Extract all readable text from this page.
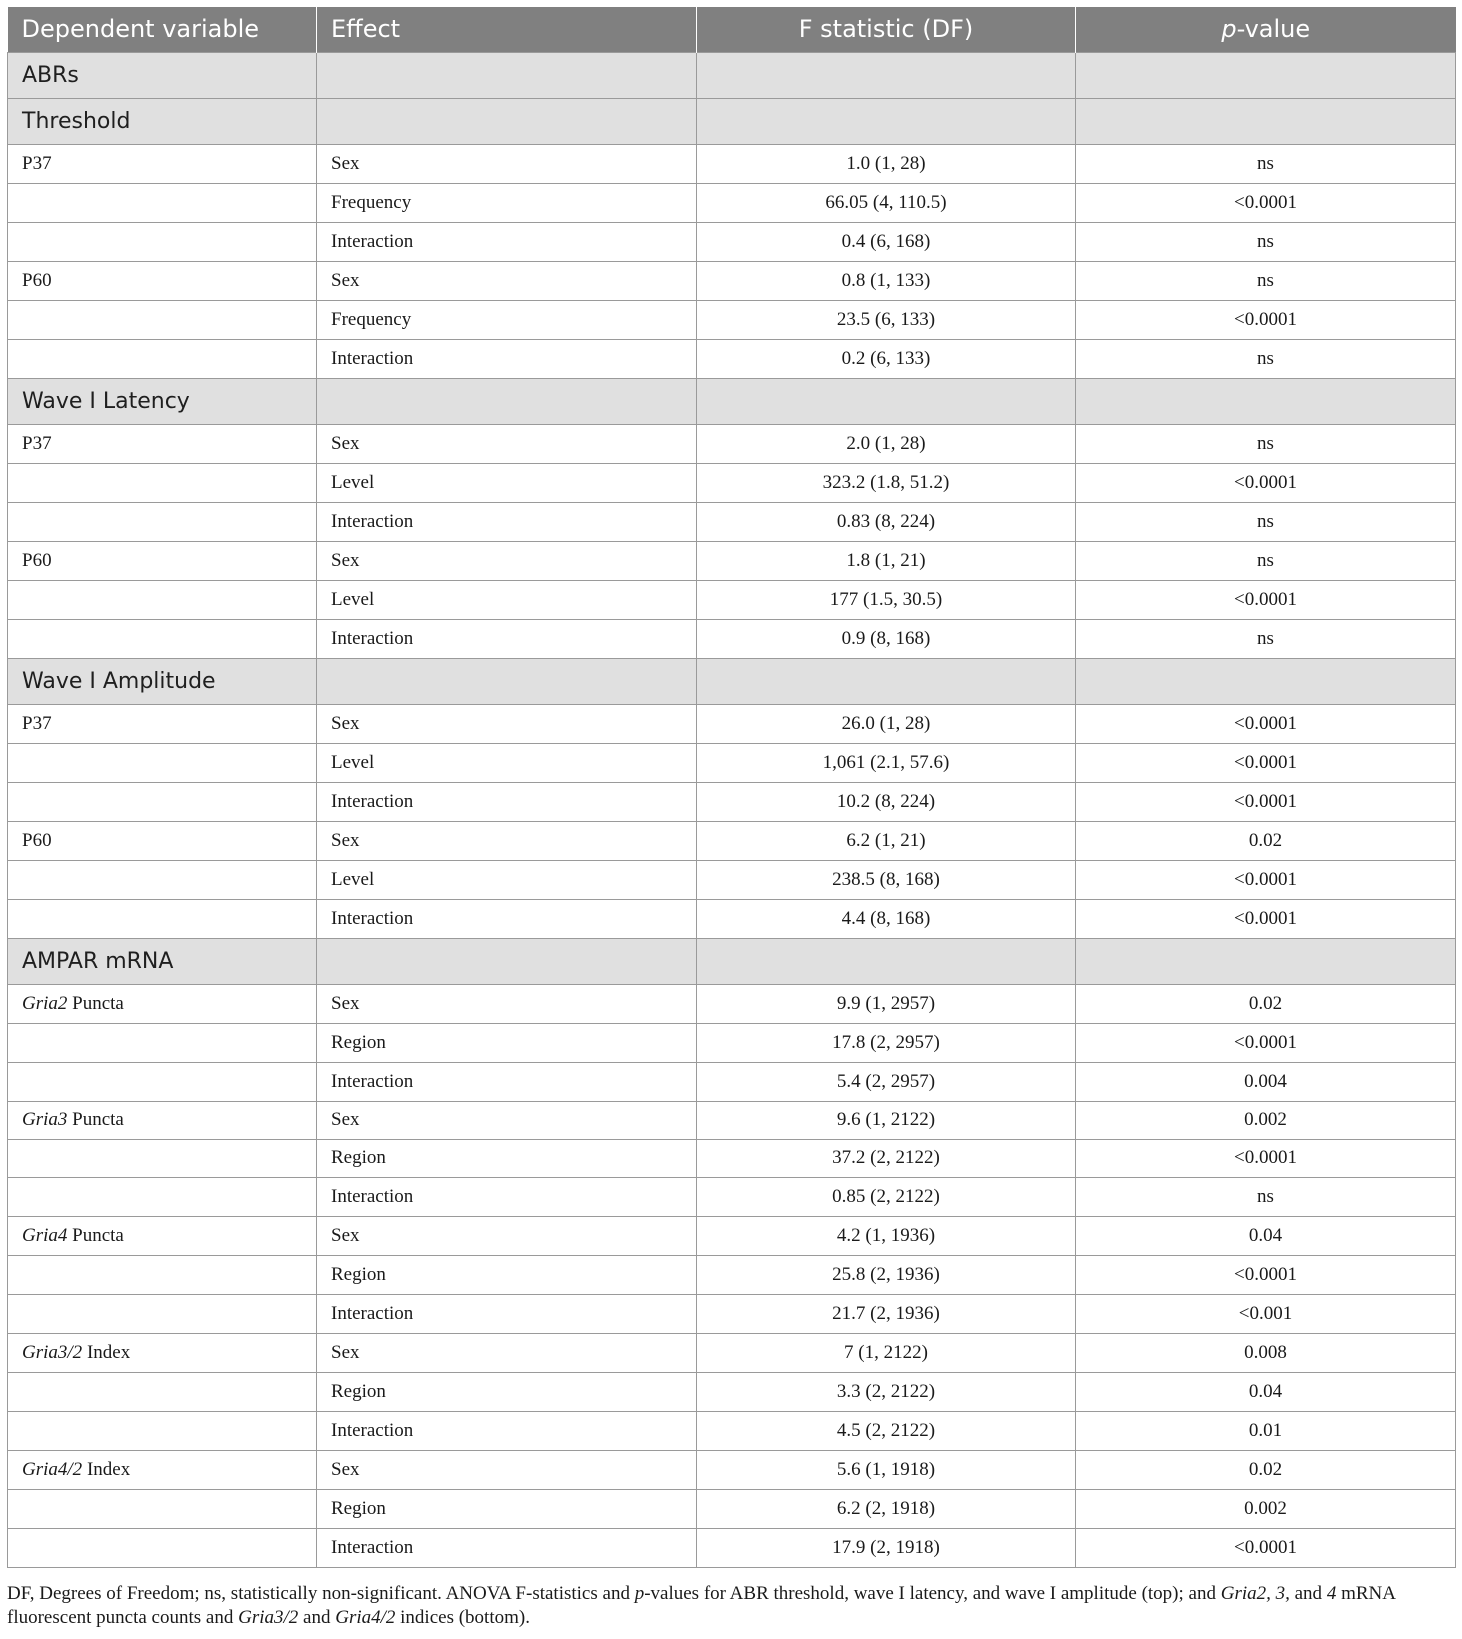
Dependent variable	Effect	F statistic (DF)	p-value
ABRs			
Threshold			
P37	Sex	1.0 (1, 28)	ns
	Frequency	66.05 (4, 110.5)	<0.0001
	Interaction	0.4 (6, 168)	ns
P60	Sex	0.8 (1, 133)	ns
	Frequency	23.5 (6, 133)	<0.0001
	Interaction	0.2 (6, 133)	ns
Wave I Latency			
P37	Sex	2.0 (1, 28)	ns
	Level	323.2 (1.8, 51.2)	<0.0001
	Interaction	0.83 (8, 224)	ns
P60	Sex	1.8 (1, 21)	ns
	Level	177 (1.5, 30.5)	<0.0001
	Interaction	0.9 (8, 168)	ns
Wave I Amplitude			
P37	Sex	26.0 (1, 28)	<0.0001
	Level	1,061 (2.1, 57.6)	<0.0001
	Interaction	10.2 (8, 224)	<0.0001
P60	Sex	6.2 (1, 21)	0.02
	Level	238.5 (8, 168)	<0.0001
	Interaction	4.4 (8, 168)	<0.0001
AMPAR mRNA			
Gria2 Puncta	Sex	9.9 (1, 2957)	0.02
	Region	17.8 (2, 2957)	<0.0001
	Interaction	5.4 (2, 2957)	0.004
Gria3 Puncta	Sex	9.6 (1, 2122)	0.002
	Region	37.2 (2, 2122)	<0.0001
	Interaction	0.85 (2, 2122)	ns
Gria4 Puncta	Sex	4.2 (1, 1936)	0.04
	Region	25.8 (2, 1936)	<0.0001
	Interaction	21.7 (2, 1936)	<0.001
Gria3/2 Index	Sex	7 (1, 2122)	0.008
	Region	3.3 (2, 2122)	0.04
	Interaction	4.5 (2, 2122)	0.01
Gria4/2 Index	Sex	5.6 (1, 1918)	0.02
	Region	6.2 (2, 1918)	0.002
	Interaction	17.9 (2, 1918)	<0.0001
DF, Degrees of Freedom; ns, statistically non-significant. ANOVA F-statistics and p-values for ABR threshold, wave I latency, and wave I amplitude (top); and Gria2, 3, and 4 mRNA fluorescent puncta counts and Gria3/2 and Gria4/2 indices (bottom).
